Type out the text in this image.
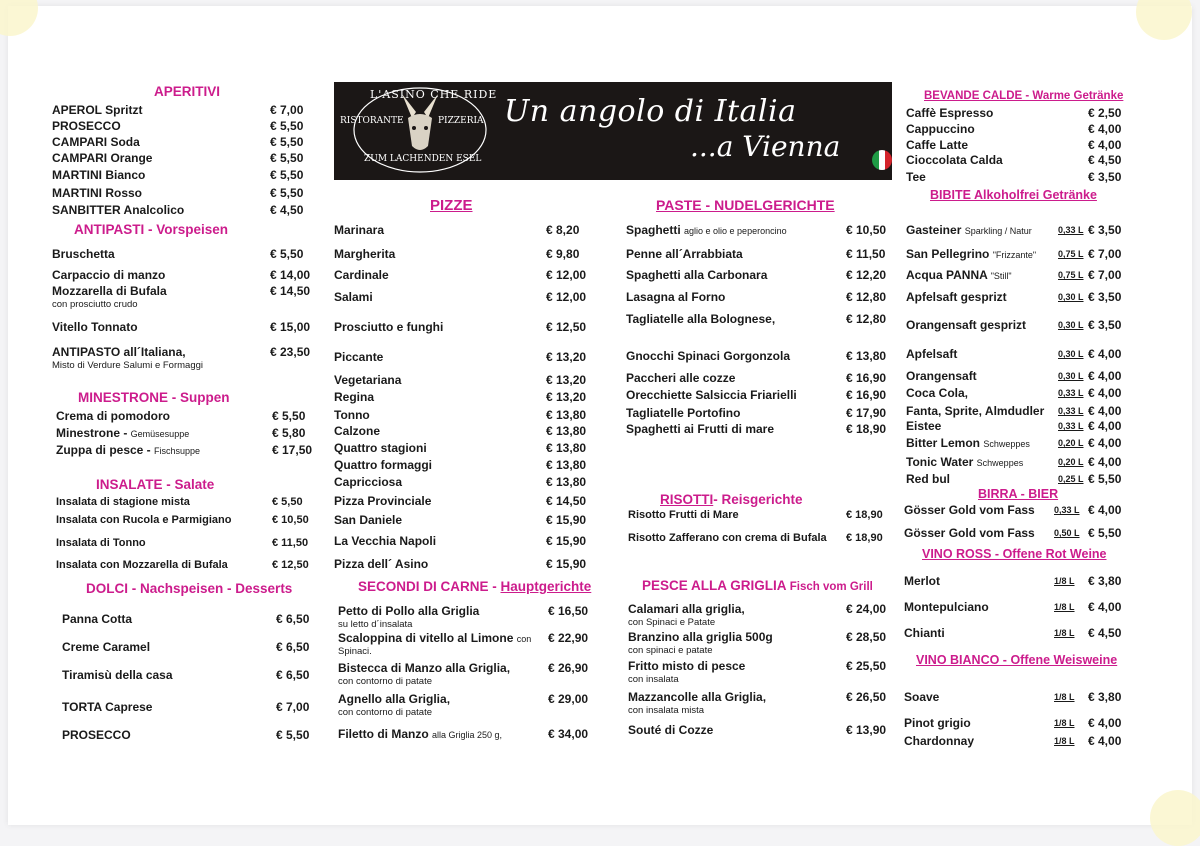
L'ASINO CHE RIDE
RISTORANTE	PIZZERIA
ZUM LACHENDEN ESEL
Un angolo di Italia
...a Vienna
APERITIVI
APEROL Spritzt	€ 7,00
PROSECCO	€ 5,50
CAMPARI Soda	€ 5,50
CAMPARI Orange	€ 5,50
MARTINI Bianco	€ 5,50
MARTINI Rosso	€ 5,50
SANBITTER Analcolico	€ 4,50
ANTIPASTI - Vorspeisen
Bruschetta	€ 5,50
Carpaccio di manzo	€ 14,00
Mozzarella di Bufala
con prosciutto crudo
€ 14,50
Vitello Tonnato	€ 15,00
ANTIPASTO all´Italiana,
Misto di Verdure Salumi e Formaggi
€ 23,50
MINESTRONE - Suppen
Crema di pomodoro	€ 5,50
Minestrone - Gemüsesuppe	€ 5,80
Zuppa di pesce - Fischsuppe	€ 17,50
INSALATE - Salate
Insalata di stagione mista	€ 5,50
Insalata con Rucola e Parmigiano	€ 10,50
Insalata di Tonno	€ 11,50
Insalata con Mozzarella di Bufala	€ 12,50
DOLCI - Nachspeisen - Desserts
Panna Cotta	€ 6,50
Creme Caramel	€ 6,50
Tiramisù della casa	€ 6,50
TORTA Caprese	€ 7,00
PROSECCO	€ 5,50
PIZZE
Marinara	€ 8,20
Margherita	€ 9,80
Cardinale	€ 12,00
Salami	€ 12,00
Prosciutto e funghi	€ 12,50
Piccante	€ 13,20
Vegetariana	€ 13,20
Regina	€ 13,20
Tonno	€ 13,80
Calzone	€ 13,80
Quattro stagioni	€ 13,80
Quattro formaggi	€ 13,80
Capricciosa	€ 13,80
Pizza Provinciale	€ 14,50
San Daniele	€ 15,90
La Vecchia Napoli	€ 15,90
Pizza dell´ Asino	€ 15,90
SECONDI DI CARNE - Hauptgerichte
Petto di Pollo alla Griglia
su letto d´insalata
€ 16,50
Scaloppina di vitello al Limone con
Spinaci.
€ 22,90
Bistecca di Manzo alla Griglia,
con contorno di patate
€ 26,90
Agnello alla Griglia,
con contorno di patate
€ 29,00
Filetto di Manzo alla Griglia 250 g,	€ 34,00
PASTE - NUDELGERICHTE
Spaghetti aglio e olio e peperoncino	€ 10,50
Penne all´Arrabbiata	€ 11,50
Spaghetti alla Carbonara	€ 12,20
Lasagna al Forno	€ 12,80
Tagliatelle alla Bolognese,	€ 12,80
Gnocchi Spinaci Gorgonzola	€ 13,80
Paccheri alle cozze	€ 16,90
Orecchiette Salsiccia Friarielli	€ 16,90
Tagliatelle Portofino	€ 17,90
Spaghetti ai Frutti di mare	€ 18,90
RISOTTI- Reisgerichte
Risotto Frutti di Mare	€ 18,90
Risotto Zafferano con crema di Bufala € 18,90
PESCE ALLA GRIGLIA Fisch vom Grill
Calamari alla griglia,
con Spinaci e Patate
€ 24,00
Branzino alla griglia 500g
con spinaci e patate
€ 28,50
Fritto misto di pesce
con insalata
€ 25,50
Mazzancolle alla Griglia,
con insalata mista
€ 26,50
Souté di Cozze	€ 13,90
BEVANDE CALDE - Warme Getränke
Caffè Espresso	€ 2,50
Cappuccino	€ 4,00
Caffe Latte	€ 4,00
Cioccolata Calda	€ 4,50
Tee	€ 3,50
BIBITE Alkoholfrei Getränke
Gasteiner Sparkling / Natur	0,33 L € 3,50
San Pellegrino "Frizzante" 0,75 L € 7,00
Acqua PANNA "Still"	0,75 L € 7,00
Apfelsaft gesprizt	0,30 L € 3,50
Orangensaft gesprizt	0,30 L € 3,50
Apfelsaft	0,30 L € 4,00
Orangensaft	0,30 L € 4,00
Coca Cola,	0,33 L € 4,00
Fanta, Sprite, Almdudler 0,33 L € 4,00
Eistee	0,33 L € 4,00
Bitter Lemon Schweppes	0,20 L € 4,00
Tonic Water Schweppes	0,20 L € 4,00
Red bul	0,25 L € 5,50
BIRRA - BIER
Gösser Gold vom Fass 0,33 L € 4,00
Gösser Gold vom Fass 0,50 L € 5,50
VINO ROSS - Offene Rot Weine
Merlot	1/8 L € 3,80
Montepulciano	1/8 L € 4,00
Chianti	1/8 L € 4,50
VINO BIANCO - Offene Weisweine
Soave	1/8 L € 3,80
Pinot grigio	1/8 L € 4,00
Chardonnay	1/8 L € 4,00
